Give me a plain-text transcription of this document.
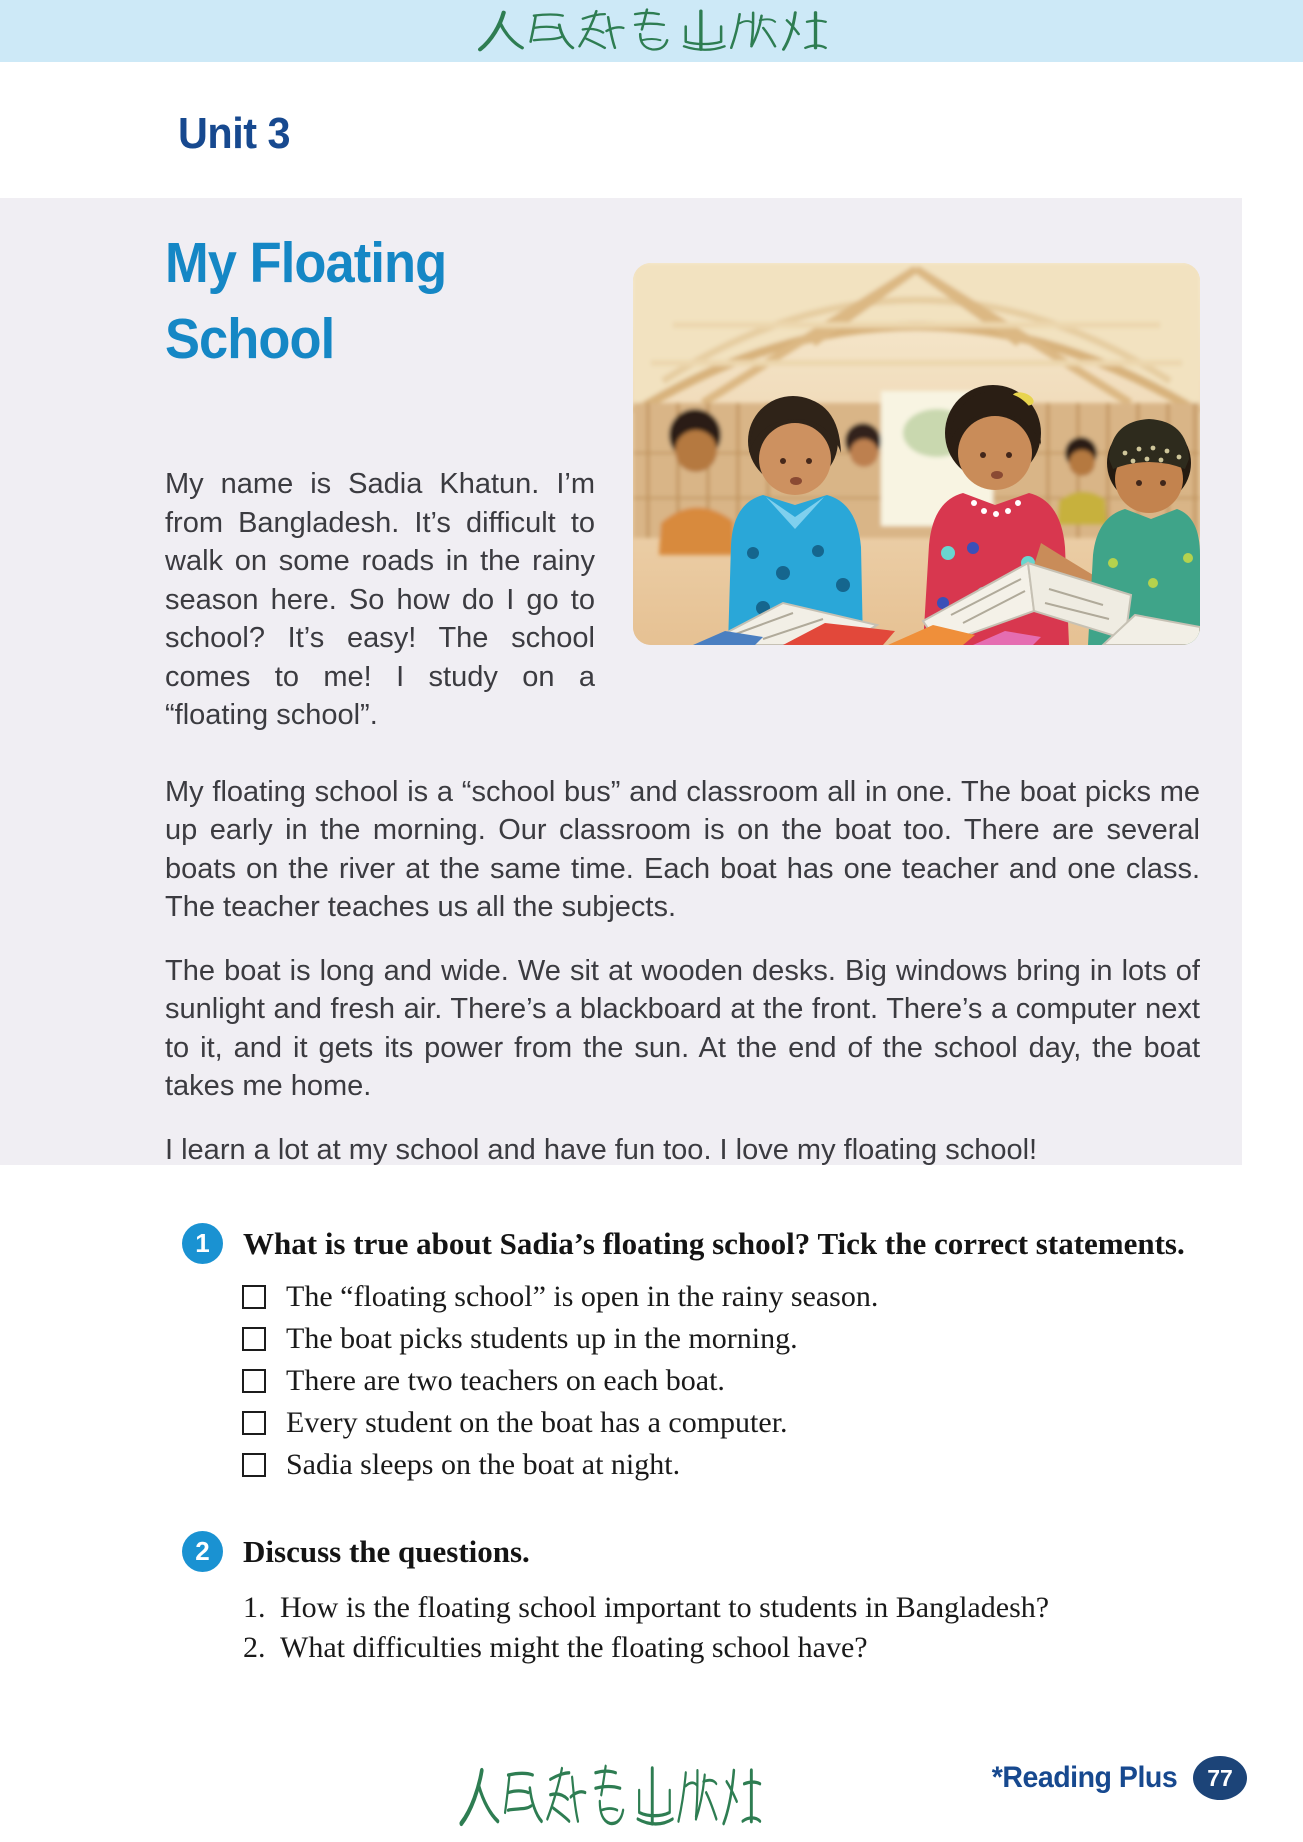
Unit 3
My Floating
School

My name is Sadia Khatun. I’m from Bangladesh. It’s difficult to walk on some roads in the rainy season here. So how do I go to school? It’s easy! The school comes to me! I study on a “floating school”.

My floating school is a “school bus” and classroom all in one. The boat picks me up early in the morning. Our classroom is on the boat too. There are several boats on the river at the same time. Each boat has one teacher and one class. The teacher teaches us all the subjects.

The boat is long and wide. We sit at wooden desks. Big windows bring in lots of sunlight and fresh air. There’s a blackboard at the front. There’s a computer next to it, and it gets its power from the sun. At the end of the school day, the boat takes me home.

I learn a lot at my school and have fun too. I love my floating school!

1	What is true about Sadia’s floating school? Tick the correct statements.
The “floating school” is open in the rainy season.
The boat picks students up in the morning.
There are two teachers on each boat.
Every student on the boat has a computer.
Sadia sleeps on the boat at night.
2	Discuss the questions.
1. How is the floating school important to students in Bangladesh?
2. What difficulties might the floating school have?
*Reading Plus	77
